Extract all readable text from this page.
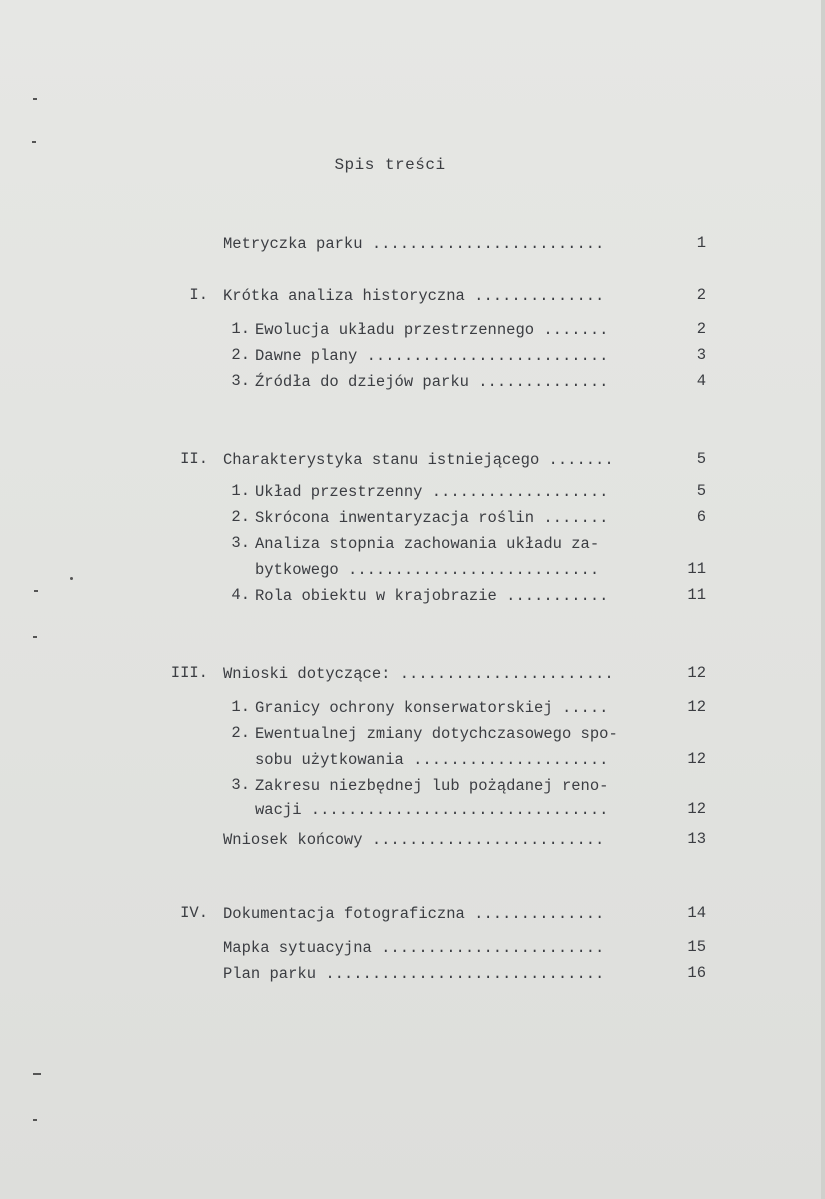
Spis treści
Metryczka parku .........................	1
I. Krótka analiza historyczna ..............	2
1. Ewolucja układu przestrzennego .......	2
2. Dawne plany ..........................	3
3. Źródła do dziejów parku ..............	4
II. Charakterystyka stanu istniejącego .......	5
1. Układ przestrzenny ...................	5
2. Skrócona inwentaryzacja roślin .......	6
3. Analiza stopnia zachowania układu za-
bytkowego ...........................	11
4. Rola obiektu w krajobrazie ...........	11
III. Wnioski dotyczące: .......................	12
1. Granicy ochrony konserwatorskiej .....	12
2. Ewentualnej zmiany dotychczasowego spo-
sobu użytkowania .....................	12
3. Zakresu niezbędnej lub pożądanej reno-
wacji ................................	12
Wniosek końcowy .........................	13
IV. Dokumentacja fotograficzna ..............	14
Mapka sytuacyjna ........................	15
Plan parku ..............................	16
